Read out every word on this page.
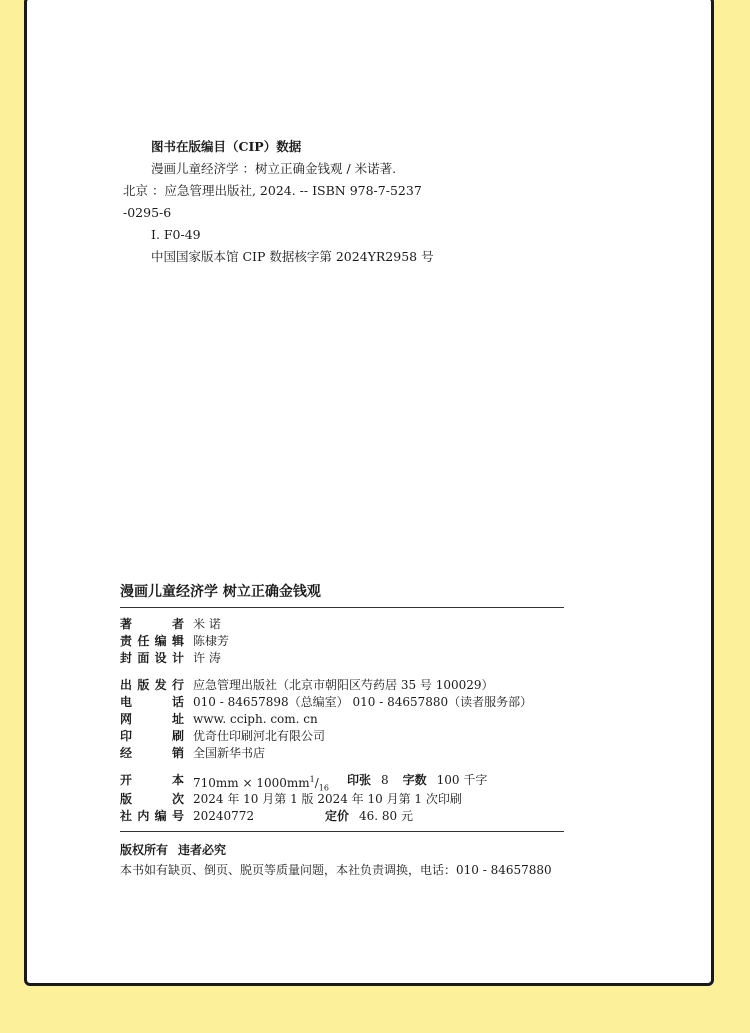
图书在版编目（CIP）数据
漫画儿童经济学 ：树立正确金钱观 / 米诺著.
北京 ：应急管理出版社, 2024. -- ISBN 978-7-5237
-0295-6
Ⅰ. F0-49
中国国家版本馆 CIP 数据核字第 2024YR2958 号
漫画儿童经济学 树立正确金钱观
著 者 米 诺
责任编辑 陈棣芳
封面设计 许 涛
出版发行 应急管理出版社（北京市朝阳区芍药居 35 号 100029）
电 话 010 - 84657898（总编室） 010 - 84657880（读者服务部）
网 址 www. cciph. com. cn
印 刷 优奇仕印刷河北有限公司
经 销 全国新华书店
开 本 $710mm \times 1000mm^1/_{16}$印张 8 字数 100 千字
版 次 2024 年 10 月第 1 版 2024 年 10 月第 1 次印刷
社内编号 20240772	定价 46. 80 元
版权所有 违者必究
本书如有缺页、倒页、脱页等质量问题，本社负责调换，电话：010 - 84657880
